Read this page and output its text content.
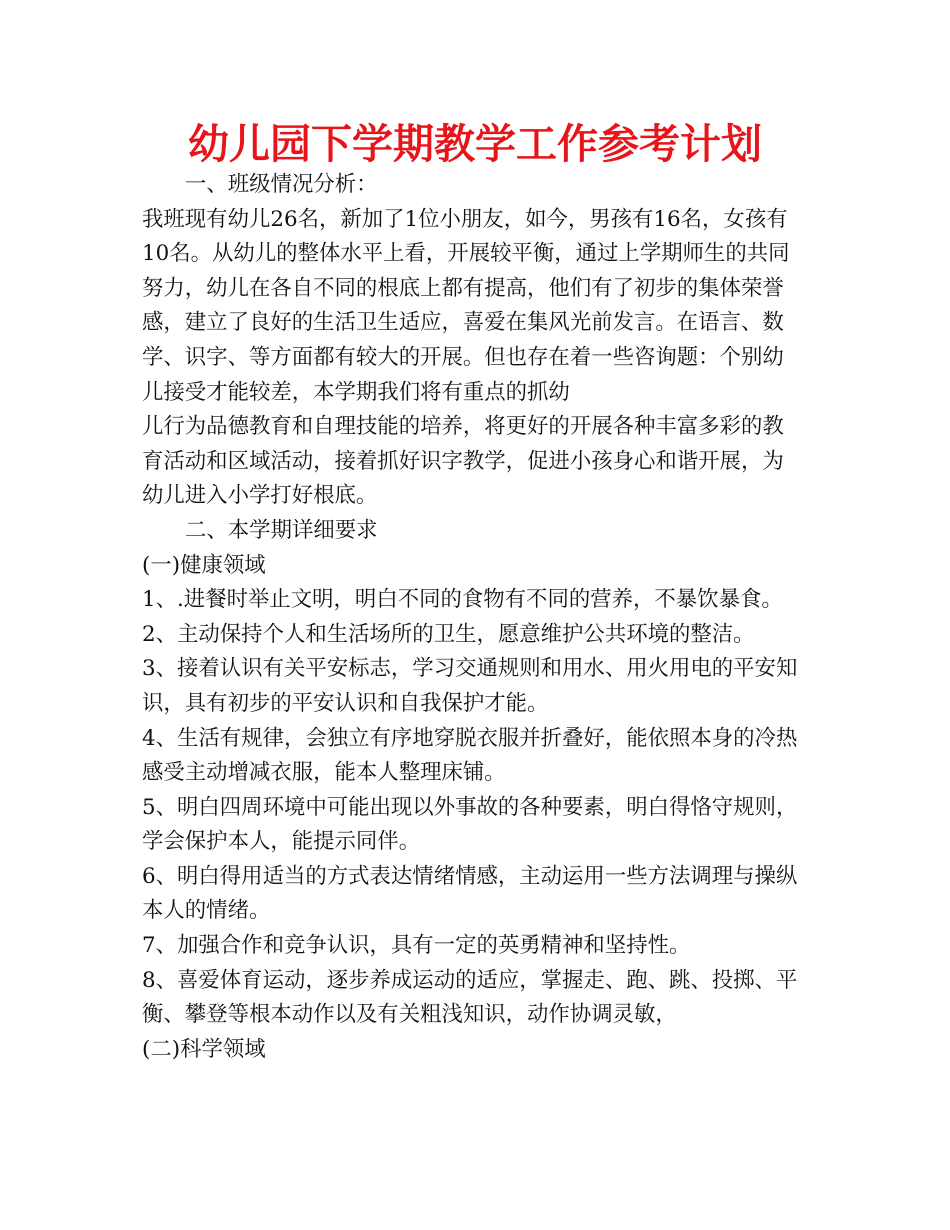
幼儿园下学期教学工作参考计划
一、班级情况分析：
我班现有幼儿26名，新加了1位小朋友，如今，男孩有16名，女孩有
10名。从幼儿的整体水平上看，开展较平衡，通过上学期师生的共同
努力，幼儿在各自不同的根底上都有提高，他们有了初步的集体荣誉
感，建立了良好的生活卫生适应，喜爱在集风光前发言。在语言、数
学、识字、等方面都有较大的开展。但也存在着一些咨询题：个别幼
儿接受才能较差，本学期我们将有重点的抓幼
儿行为品德教育和自理技能的培养，将更好的开展各种丰富多彩的教
育活动和区域活动，接着抓好识字教学，促进小孩身心和谐开展，为
幼儿进入小学打好根底。
二、本学期详细要求
(一)健康领域
1、.进餐时举止文明，明白不同的食物有不同的营养，不暴饮暴食。
2、主动保持个人和生活场所的卫生，愿意维护公共环境的整洁。
3、接着认识有关平安标志，学习交通规则和用水、用火用电的平安知
识，具有初步的平安认识和自我保护才能。
4、生活有规律，会独立有序地穿脱衣服并折叠好，能依照本身的冷热
感受主动增减衣服，能本人整理床铺。
5、明白四周环境中可能出现以外事故的各种要素，明白得恪守规则，
学会保护本人，能提示同伴。
6、明白得用适当的方式表达情绪情感，主动运用一些方法调理与操纵
本人的情绪。
7、加强合作和竞争认识，具有一定的英勇精神和坚持性。
8、喜爱体育运动，逐步养成运动的适应，掌握走、跑、跳、投掷、平
衡、攀登等根本动作以及有关粗浅知识，动作协调灵敏，
(二)科学领域
